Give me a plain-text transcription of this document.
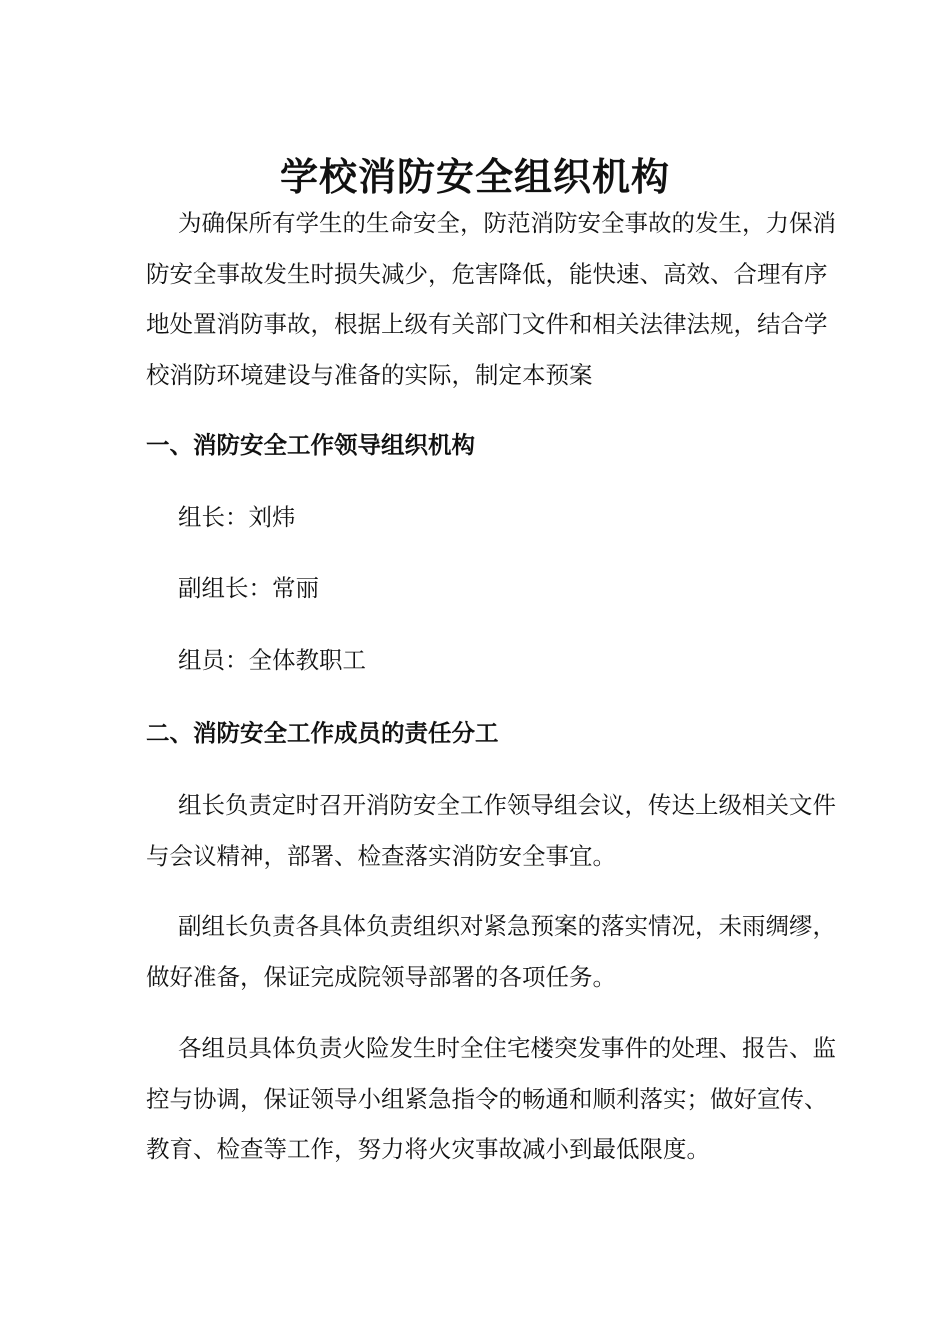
学校消防安全组织机构

为确保所有学生的生命安全，防范消防安全事故的发生，力保消防安全事故发生时损失减少，危害降低，能快速、高效、合理有序地处置消防事故，根据上级有关部门文件和相关法律法规，结合学校消防环境建设与准备的实际，制定本预案

一、消防安全工作领导组织机构

组长：刘炜

副组长：常丽

组员：全体教职工

二、消防安全工作成员的责任分工

组长负责定时召开消防安全工作领导组会议，传达上级相关文件与会议精神，部署、检查落实消防安全事宜。

副组长负责各具体负责组织对紧急预案的落实情况，未雨绸缪，做好准备，保证完成院领导部署的各项任务。

各组员具体负责火险发生时全住宅楼突发事件的处理、报告、监控与协调，保证领导小组紧急指令的畅通和顺利落实；做好宣传、教育、检查等工作，努力将火灾事故减小到最低限度。
